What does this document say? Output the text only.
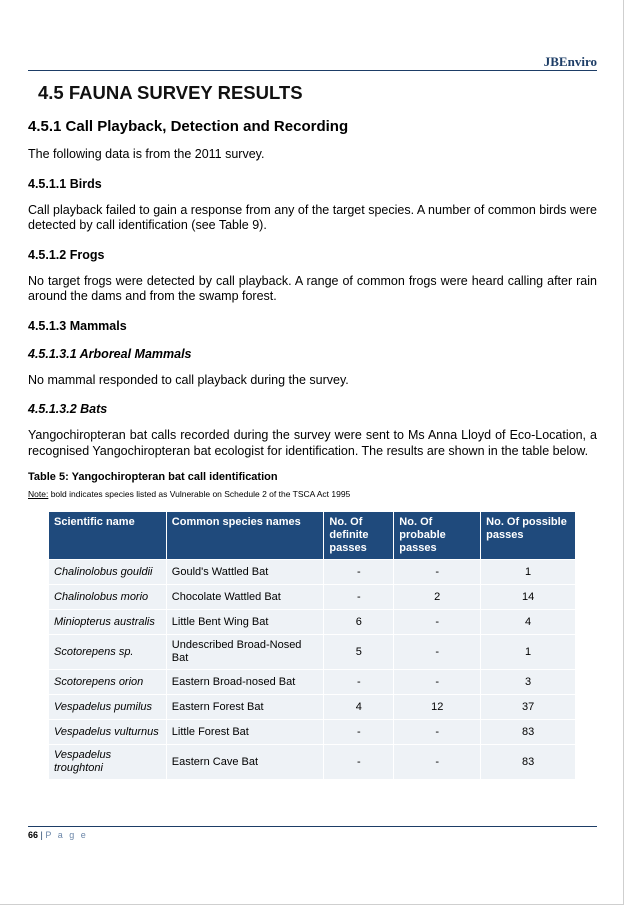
JBEnviro
4.5 FAUNA SURVEY RESULTS
4.5.1 Call Playback, Detection and Recording

The following data is from the 2011 survey.

4.5.1.1 Birds

Call playback failed to gain a response from any of the target species. A number of common birds were detected by call identification (see Table 9).

4.5.1.2 Frogs

No target frogs were detected by call playback. A range of common frogs were heard calling after rain around the dams and from the swamp forest.

4.5.1.3 Mammals
4.5.1.3.1 Arboreal Mammals

No mammal responded to call playback during the survey.

4.5.1.3.2 Bats

Yangochiropteran bat calls recorded during the survey were sent to Ms Anna Lloyd of Eco-Location, a recognised Yangochiropteran bat ecologist for identification. The results are shown in the table below.

Table 5: Yangochiropteran bat call identification
Note: bold indicates species listed as Vulnerable on Schedule 2 of the TSCA Act 1995
Scientific name	Common species names	No. Of definite passes	No. Of probable passes	No. Of possible passes
Chalinolobus gouldii	Gould's Wattled Bat	-	-	1
Chalinolobus morio	Chocolate Wattled Bat	-	2	14
Miniopterus australis	Little Bent Wing Bat	6	-	4
Scotorepens sp.	Undescribed Broad-Nosed Bat	5	-	1
Scotorepens orion	Eastern Broad-nosed Bat	-	-	3
Vespadelus pumilus	Eastern Forest Bat	4	12	37
Vespadelus vulturnus	Little Forest Bat	-	-	83
Vespadelus troughtoni	Eastern Cave Bat	-	-	83
66 | P a g e
